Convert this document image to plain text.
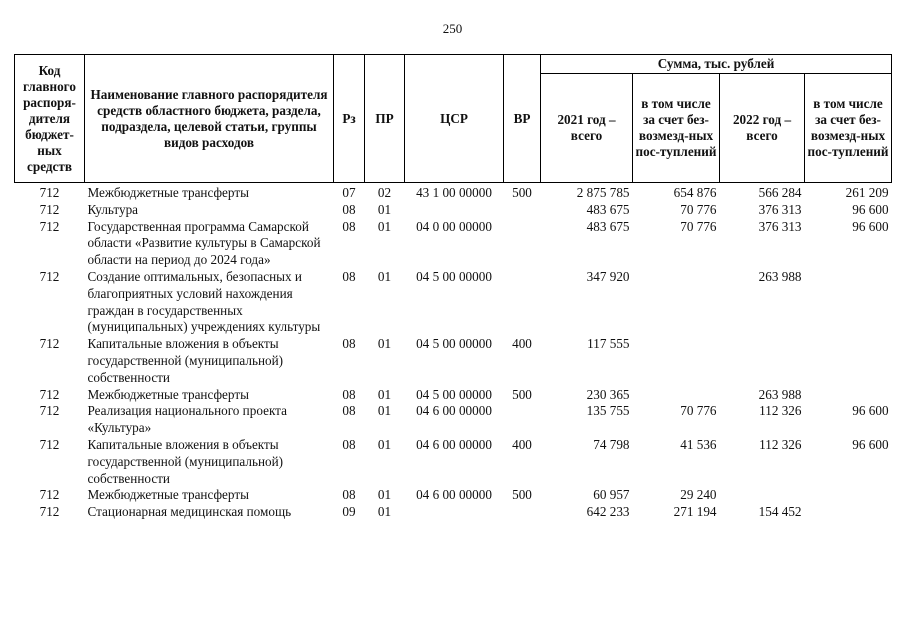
250
Код главного распоря-дителя бюджет-ных средств	Наименование главного распорядителя средств областного бюджета, раздела, подраздела, целевой статьи, группы видов расходов	Рз	ПР	ЦСР	ВР	Сумма, тыс. рублей			
						2021 год – всего	в том числе за счет без-возмезд-ных пос-туплений	2022 год – всего	в том числе за счет без-возмезд-ных пос-туплений
712	Межбюджетные трансферты	07	02	43 1 00 00000	500	2 875 785	654 876	566 284	261 209
712	Культура	08	01			483 675	70 776	376 313	96 600
712	Государственная программа Самарской области «Развитие культуры в Самарской области на период до 2024 года»	08	01	04 0 00 00000		483 675	70 776	376 313	96 600
712	Создание оптимальных, безопасных и благоприятных условий нахождения граждан в государственных (муниципальных) учреждениях культуры	08	01	04 5 00 00000		347 920		263 988	
712	Капитальные вложения в объекты государственной (муниципальной) собственности	08	01	04 5 00 00000	400	117 555			
712	Межбюджетные трансферты	08	01	04 5 00 00000	500	230 365		263 988	
712	Реализация национального проекта «Культура»	08	01	04 6 00 00000		135 755	70 776	112 326	96 600
712	Капитальные вложения в объекты государственной (муниципальной) собственности	08	01	04 6 00 00000	400	74 798	41 536	112 326	96 600
712	Межбюджетные трансферты	08	01	04 6 00 00000	500	60 957	29 240		
712	Стационарная медицинская помощь	09	01			642 233	271 194	154 452	
